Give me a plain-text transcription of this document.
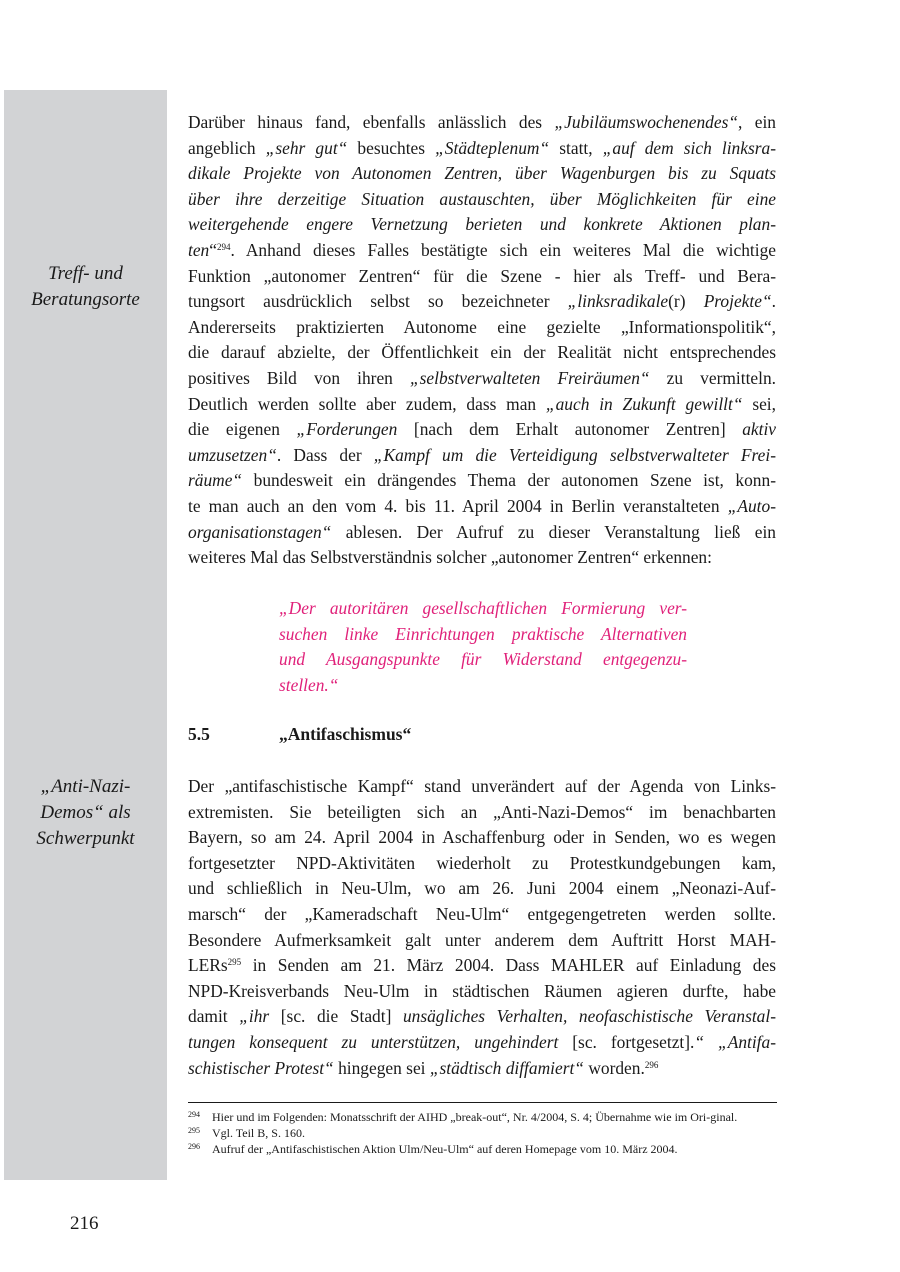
Treff- und
Beratungsorte
„Anti-Nazi-
Demos“ als
Schwerpunkt
Darüber hinaus fand, ebenfalls anlässlich des „Jubiläumswochenendes“, ein
angeblich „sehr gut“ besuchtes „Städteplenum“ statt, „auf dem sich linksra-
dikale Projekte von Autonomen Zentren, über Wagenburgen bis zu Squats
über ihre derzeitige Situation austauschten, über Möglichkeiten für eine
weitergehende engere Vernetzung berieten und konkrete Aktionen plan-
ten“$^{294}$. Anhand dieses Falles bestätigte sich ein weiteres Mal die wichtige
Funktion „autonomer Zentren“ für die Szene - hier als Treff- und Bera-
tungsort ausdrücklich selbst so bezeichneter „linksradikale(r) Projekte“.
Andererseits praktizierten Autonome eine gezielte „Informationspolitik“,
die darauf abzielte, der Öffentlichkeit ein der Realität nicht entsprechendes
positives Bild von ihren „selbstverwalteten Freiräumen“ zu vermitteln.
Deutlich werden sollte aber zudem, dass man „auch in Zukunft gewillt“ sei,
die eigenen „Forderungen [nach dem Erhalt autonomer Zentren] aktiv
umzusetzen“. Dass der „Kampf um die Verteidigung selbstverwalteter Frei-
räume“ bundesweit ein drängendes Thema der autonomen Szene ist, konn-
te man auch an den vom 4. bis 11. April 2004 in Berlin veranstalteten „Auto-
organisationstagen“ ablesen. Der Aufruf zu dieser Veranstaltung ließ ein
weiteres Mal das Selbstverständnis solcher „autonomer Zentren“ erkennen:
„Der autoritären gesellschaftlichen Formierung ver-
suchen linke Einrichtungen praktische Alternativen
und Ausgangspunkte für Widerstand entgegenzu-
stellen.“
5.5	„Antifaschismus“
Der „antifaschistische Kampf“ stand unverändert auf der Agenda von Links-
extremisten. Sie beteiligten sich an „Anti-Nazi-Demos“ im benachbarten
Bayern, so am 24. April 2004 in Aschaffenburg oder in Senden, wo es wegen
fortgesetzter NPD-Aktivitäten wiederholt zu Protestkundgebungen kam,
und schließlich in Neu-Ulm, wo am 26. Juni 2004 einem „Neonazi-Auf-
marsch“ der „Kameradschaft Neu-Ulm“ entgegengetreten werden sollte.
Besondere Aufmerksamkeit galt unter anderem dem Auftritt Horst MAH-
LERs$^{295}$ in Senden am 21. März 2004. Dass MAHLER auf Einladung des
NPD-Kreisverbands Neu-Ulm in städtischen Räumen agieren durfte, habe
damit „ihr [sc. die Stadt] unsägliches Verhalten, neofaschistische Veranstal-
tungen konsequent zu unterstützen, ungehindert [sc. fortgesetzt].“ „Antifa-
schistischer Protest“ hingegen sei „städtisch diffamiert“ worden.$^{296}$
294 Hier und im Folgenden: Monatsschrift der AIHD „break-out“, Nr. 4/2004, S. 4; Übernahme wie im Ori-ginal.
295 Vgl. Teil B, S. 160.
296 Aufruf der „Antifaschistischen Aktion Ulm/Neu-Ulm“ auf deren Homepage vom 10. März 2004.
216
